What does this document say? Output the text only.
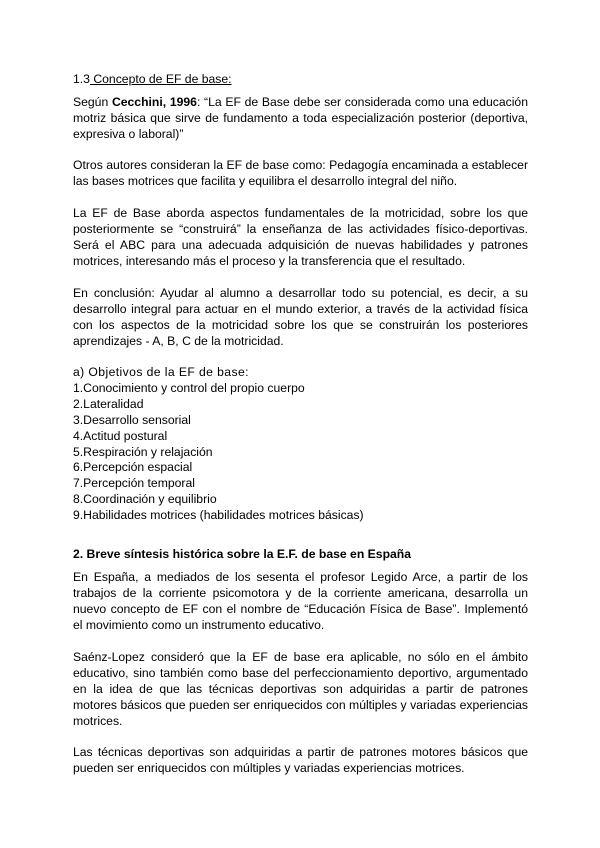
1.3 Concepto de EF de base:

Según Cecchini, 1996: “La EF de Base debe ser considerada como una educación motriz básica que sirve de fundamento a toda especialización posterior (deportiva, expresiva o laboral)”

Otros autores consideran la EF de base como: Pedagogía encaminada a establecer las bases motrices que facilita y equilibra el desarrollo integral del niño.

La EF de Base aborda aspectos fundamentales de la motricidad, sobre los que posteriormente se “construirá” la enseñanza de las actividades físico-deportivas. Será el ABC para una adecuada adquisición de nuevas habilidades y patrones motrices, interesando más el proceso y la transferencia que el resultado.

En conclusión: Ayudar al alumno a desarrollar todo su potencial, es decir, a su desarrollo integral para actuar en el mundo exterior, a través de la actividad física con los aspectos de la motricidad sobre los que se construirán los posteriores aprendizajes - A, B, C de la motricidad.

a) Objetivos de la EF de base:
1.Conocimiento y control del propio cuerpo
2.Lateralidad
3.Desarrollo sensorial
4.Actitud postural
5.Respiración y relajación
6.Percepción espacial
7.Percepción temporal
8.Coordinación y equilibrio
9.Habilidades motrices (habilidades motrices básicas)

2. Breve síntesis histórica sobre la E.F. de base en España

En España, a mediados de los sesenta el profesor Legido Arce, a partir de los trabajos de la corriente psicomotora y de la corriente americana, desarrolla un nuevo concepto de EF con el nombre de “Educación Física de Base”. Implementó el movimiento como un instrumento educativo.

Saénz-Lopez consideró que la EF de base era aplicable, no sólo en el ámbito educativo, sino también como base del perfeccionamiento deportivo, argumentado en la idea de que las técnicas deportivas son adquiridas a partir de patrones motores básicos que pueden ser enriquecidos con múltiples y variadas experiencias motrices.

Las técnicas deportivas son adquiridas a partir de patrones motores básicos que pueden ser enriquecidos con múltiples y variadas experiencias motrices.
